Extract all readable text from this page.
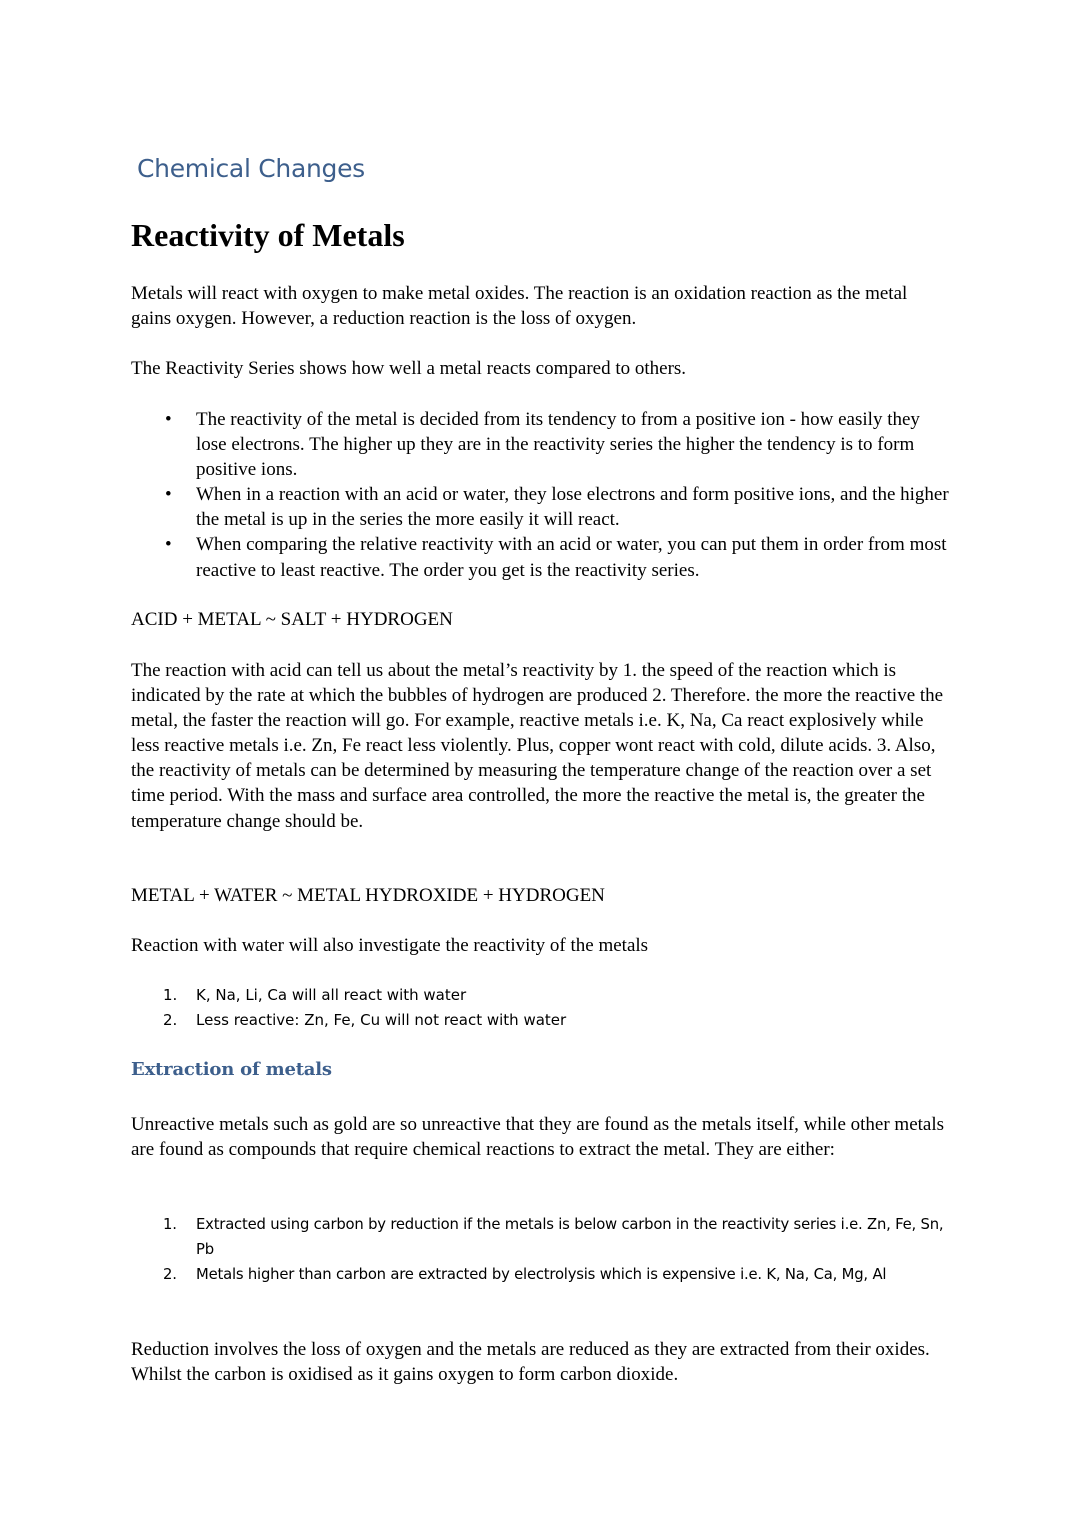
Chemical Changes
Reactivity of Metals

Metals will react with oxygen to make metal oxides. The reaction is an oxidation reaction as the metal gains oxygen. However, a reduction reaction is the loss of oxygen.

The Reactivity Series shows how well a metal reacts compared to others.

• The reactivity of the metal is decided from its tendency to from a positive ion - how easily they lose electrons. The higher up they are in the reactivity series the higher the tendency is to form positive ions.
• When in a reaction with an acid or water, they lose electrons and form positive ions, and the higher the metal is up in the series the more easily it will react.
• When comparing the relative reactivity with an acid or water, you can put them in order from most reactive to least reactive. The order you get is the reactivity series.

ACID + METAL ~ SALT + HYDROGEN

The reaction with acid can tell us about the metal’s reactivity by 1. the speed of the reaction which is indicated by the rate at which the bubbles of hydrogen are produced 2. Therefore. the more the reactive the metal, the faster the reaction will go. For example, reactive metals i.e. K, Na, Ca react explosively while less reactive metals i.e. Zn, Fe react less violently. Plus, copper wont react with cold, dilute acids. 3. Also, the reactivity of metals can be determined by measuring the temperature change of the reaction over a set time period. With the mass and surface area controlled, the more the reactive the metal is, the greater the temperature change should be.

METAL + WATER ~ METAL HYDROXIDE + HYDROGEN

Reaction with water will also investigate the reactivity of the metals

1. K, Na, Li, Ca will all react with water
2. Less reactive: Zn, Fe, Cu will not react with water
Extraction of metals

Unreactive metals such as gold are so unreactive that they are found as the metals itself, while other metals are found as compounds that require chemical reactions to extract the metal. They are either:

1. Extracted using carbon by reduction if the metals is below carbon in the reactivity series i.e. Zn, Fe, Sn, Pb
2. Metals higher than carbon are extracted by electrolysis which is expensive i.e. K, Na, Ca, Mg, Al

Reduction involves the loss of oxygen and the metals are reduced as they are extracted from their oxides. Whilst the carbon is oxidised as it gains oxygen to form carbon dioxide.
